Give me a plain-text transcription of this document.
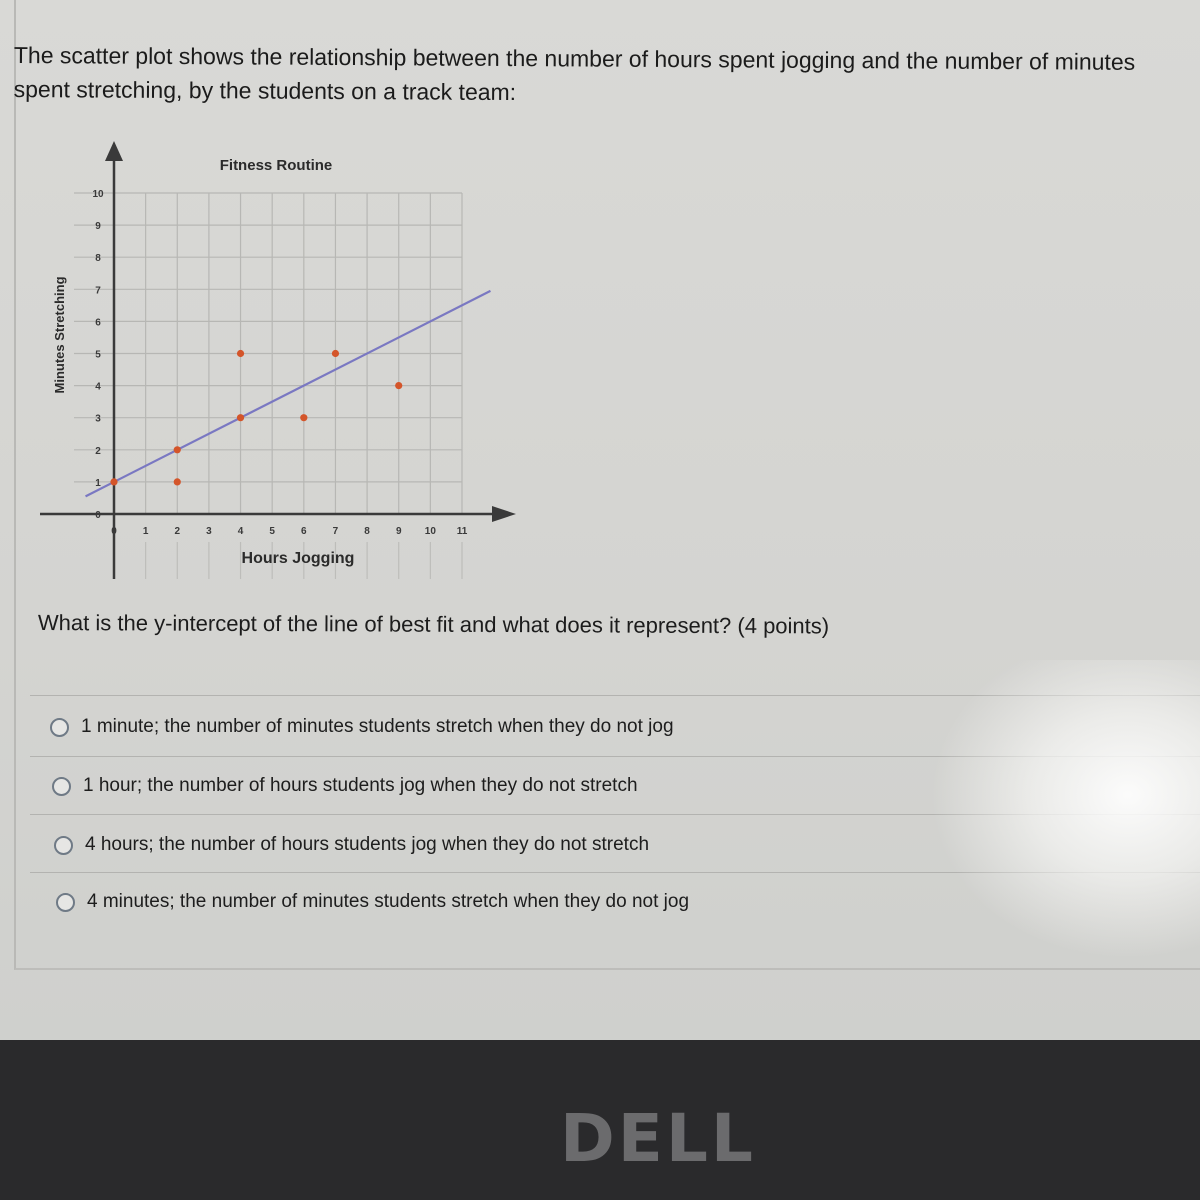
The scatter plot shows the relationship between the number of hours spent jogging and the number of minutes spent stretching, by the students on a track team:
0	1	2	3	4	5	6	7	8	9 10 11
0
1
2
3
4
5
6
7
8
9
10
Fitness Routine
Hours Jogging
Minutes Stretching
What is the y-intercept of the line of best fit and what does it represent? (4 points)
1 minute; the number of minutes students stretch when they do not jog
1 hour; the number of hours students jog when they do not stretch
4 hours; the number of hours students jog when they do not stretch
4 minutes; the number of minutes students stretch when they do not jog
DELL
